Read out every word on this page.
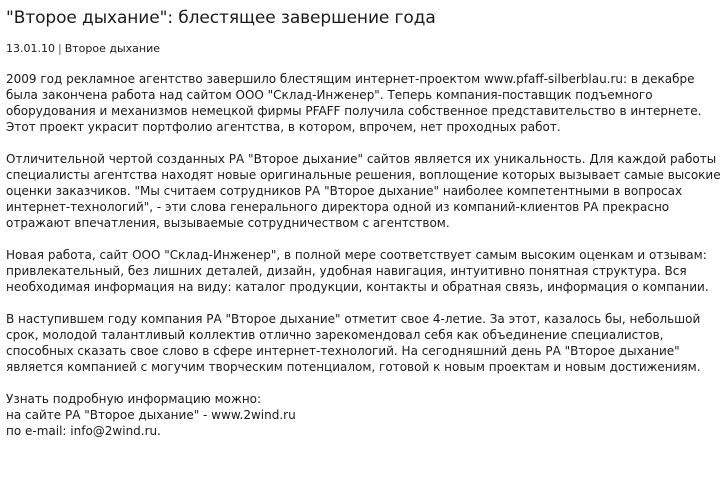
"Второе дыхание": блестящее завершение года
13.01.10 | Второе дыхание

2009 год рекламное агентство завершило блестящим интернет-проектом www.pfaff-silberblau.ru: в декабре была закончена работа над сайтом ООО "Склад-Инженер". Теперь компания-поставщик подъемного оборудования и механизмов немецкой фирмы PFAFF получила собственное представительство в интернете. Этот проект украсит портфолио агентства, в котором, впрочем, нет проходных работ.

Отличительной чертой созданных РА "Второе дыхание" сайтов является их уникальность. Для каждой работы специалисты агентства находят новые оригинальные решения, воплощение которых вызывает самые высокие оценки заказчиков. "Мы считаем сотрудников РА "Второе дыхание" наиболее компетентными в вопросах интернет-технологий", - эти слова генерального директора одной из компаний-клиентов РА прекрасно отражают впечатления, вызываемые сотрудничеством с агентством.

Новая работа, сайт ООО "Склад-Инженер", в полной мере соответствует самым высоким оценкам и отзывам: привлекательный, без лишних деталей, дизайн, удобная навигация, интуитивно понятная структура. Вся
необходимая информация на виду: каталог продукции, контакты и обратная связь, информация о компании.

В наступившем году компания РА "Второе дыхание" отметит свое 4-летие. За этот, казалось бы, небольшой срок, молодой талантливый коллектив отлично зарекомендовал себя как объединение специалистов, способных сказать свое слово в сфере интернет-технологий. На сегодняшний день РА "Второе дыхание" является компанией с могучим творческим потенциалом, готовой к новым проектам и новым достижениям.

Узнать подробную информацию можно:
на сайте РА "Второе дыхание" - www.2wind.ru
по e-mail: info@2wind.ru.
